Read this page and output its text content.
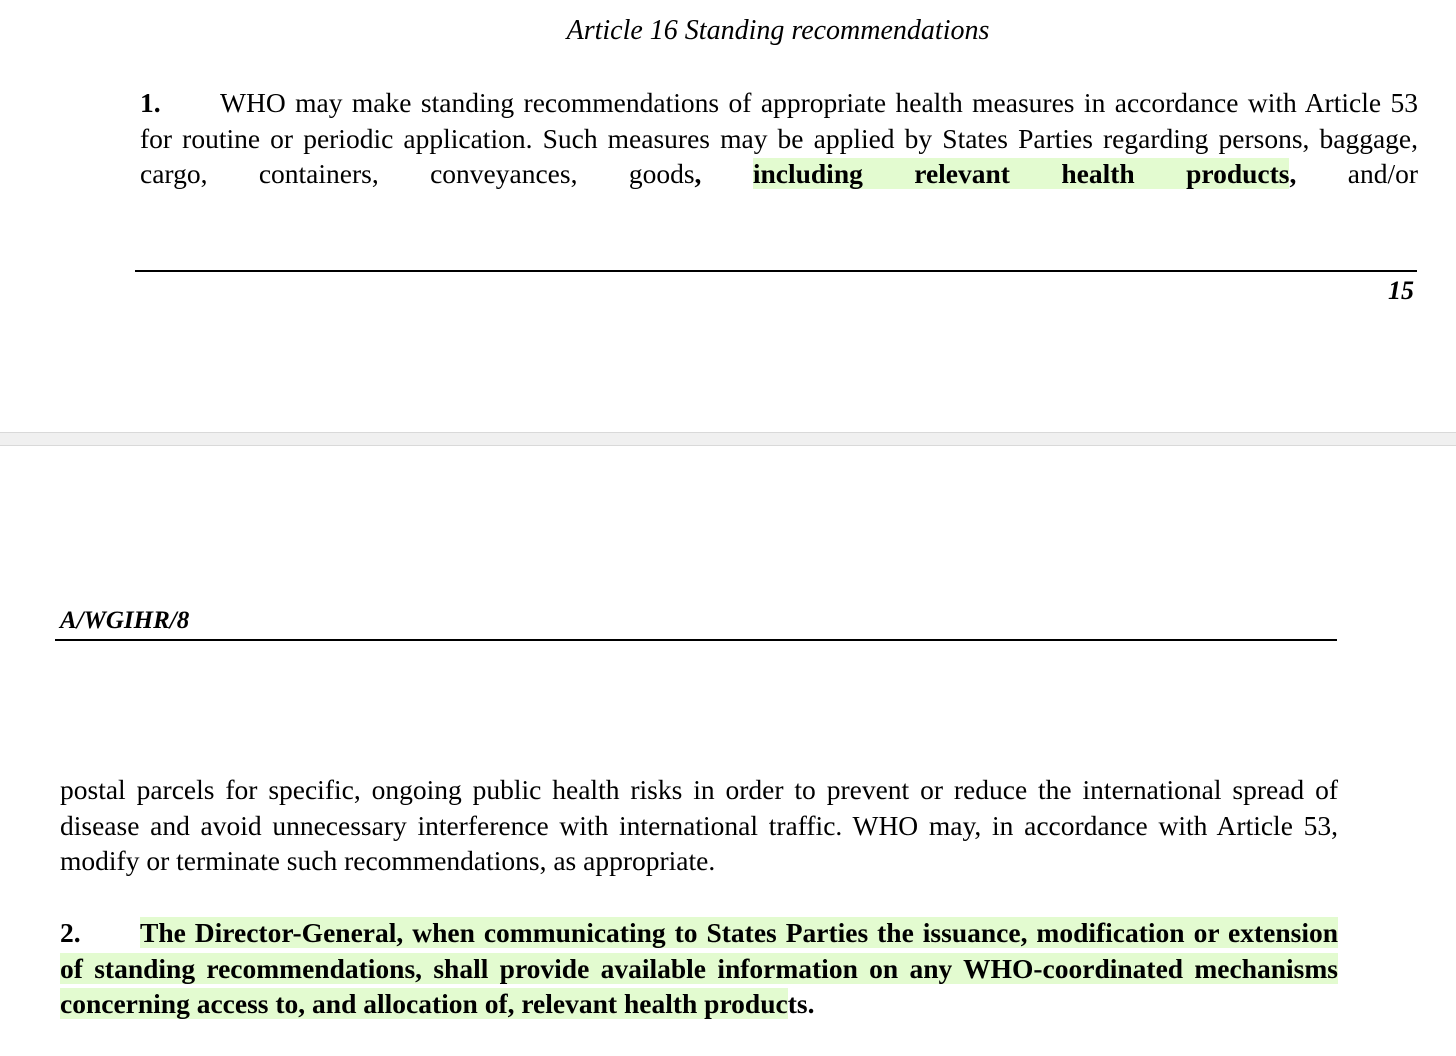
Article 16 Standing recommendations
1. WHO may make standing recommendations of appropriate health measures in accordance with Article 53 for routine or periodic application. Such measures may be applied by States Parties regarding persons, baggage, cargo, containers, conveyances, goods, including relevant health products, and/or
15
A/WGIHR/8
postal parcels for specific, ongoing public health risks in order to prevent or reduce the international spread of disease and avoid unnecessary interference with international traffic. WHO may, in accordance with Article 53, modify or terminate such recommendations, as appropriate.
2. The Director-General, when communicating to States Parties the issuance, modification or extension of standing recommendations, shall provide available information on any WHO-coordinated mechanisms concerning access to, and allocation of, relevant health products.
